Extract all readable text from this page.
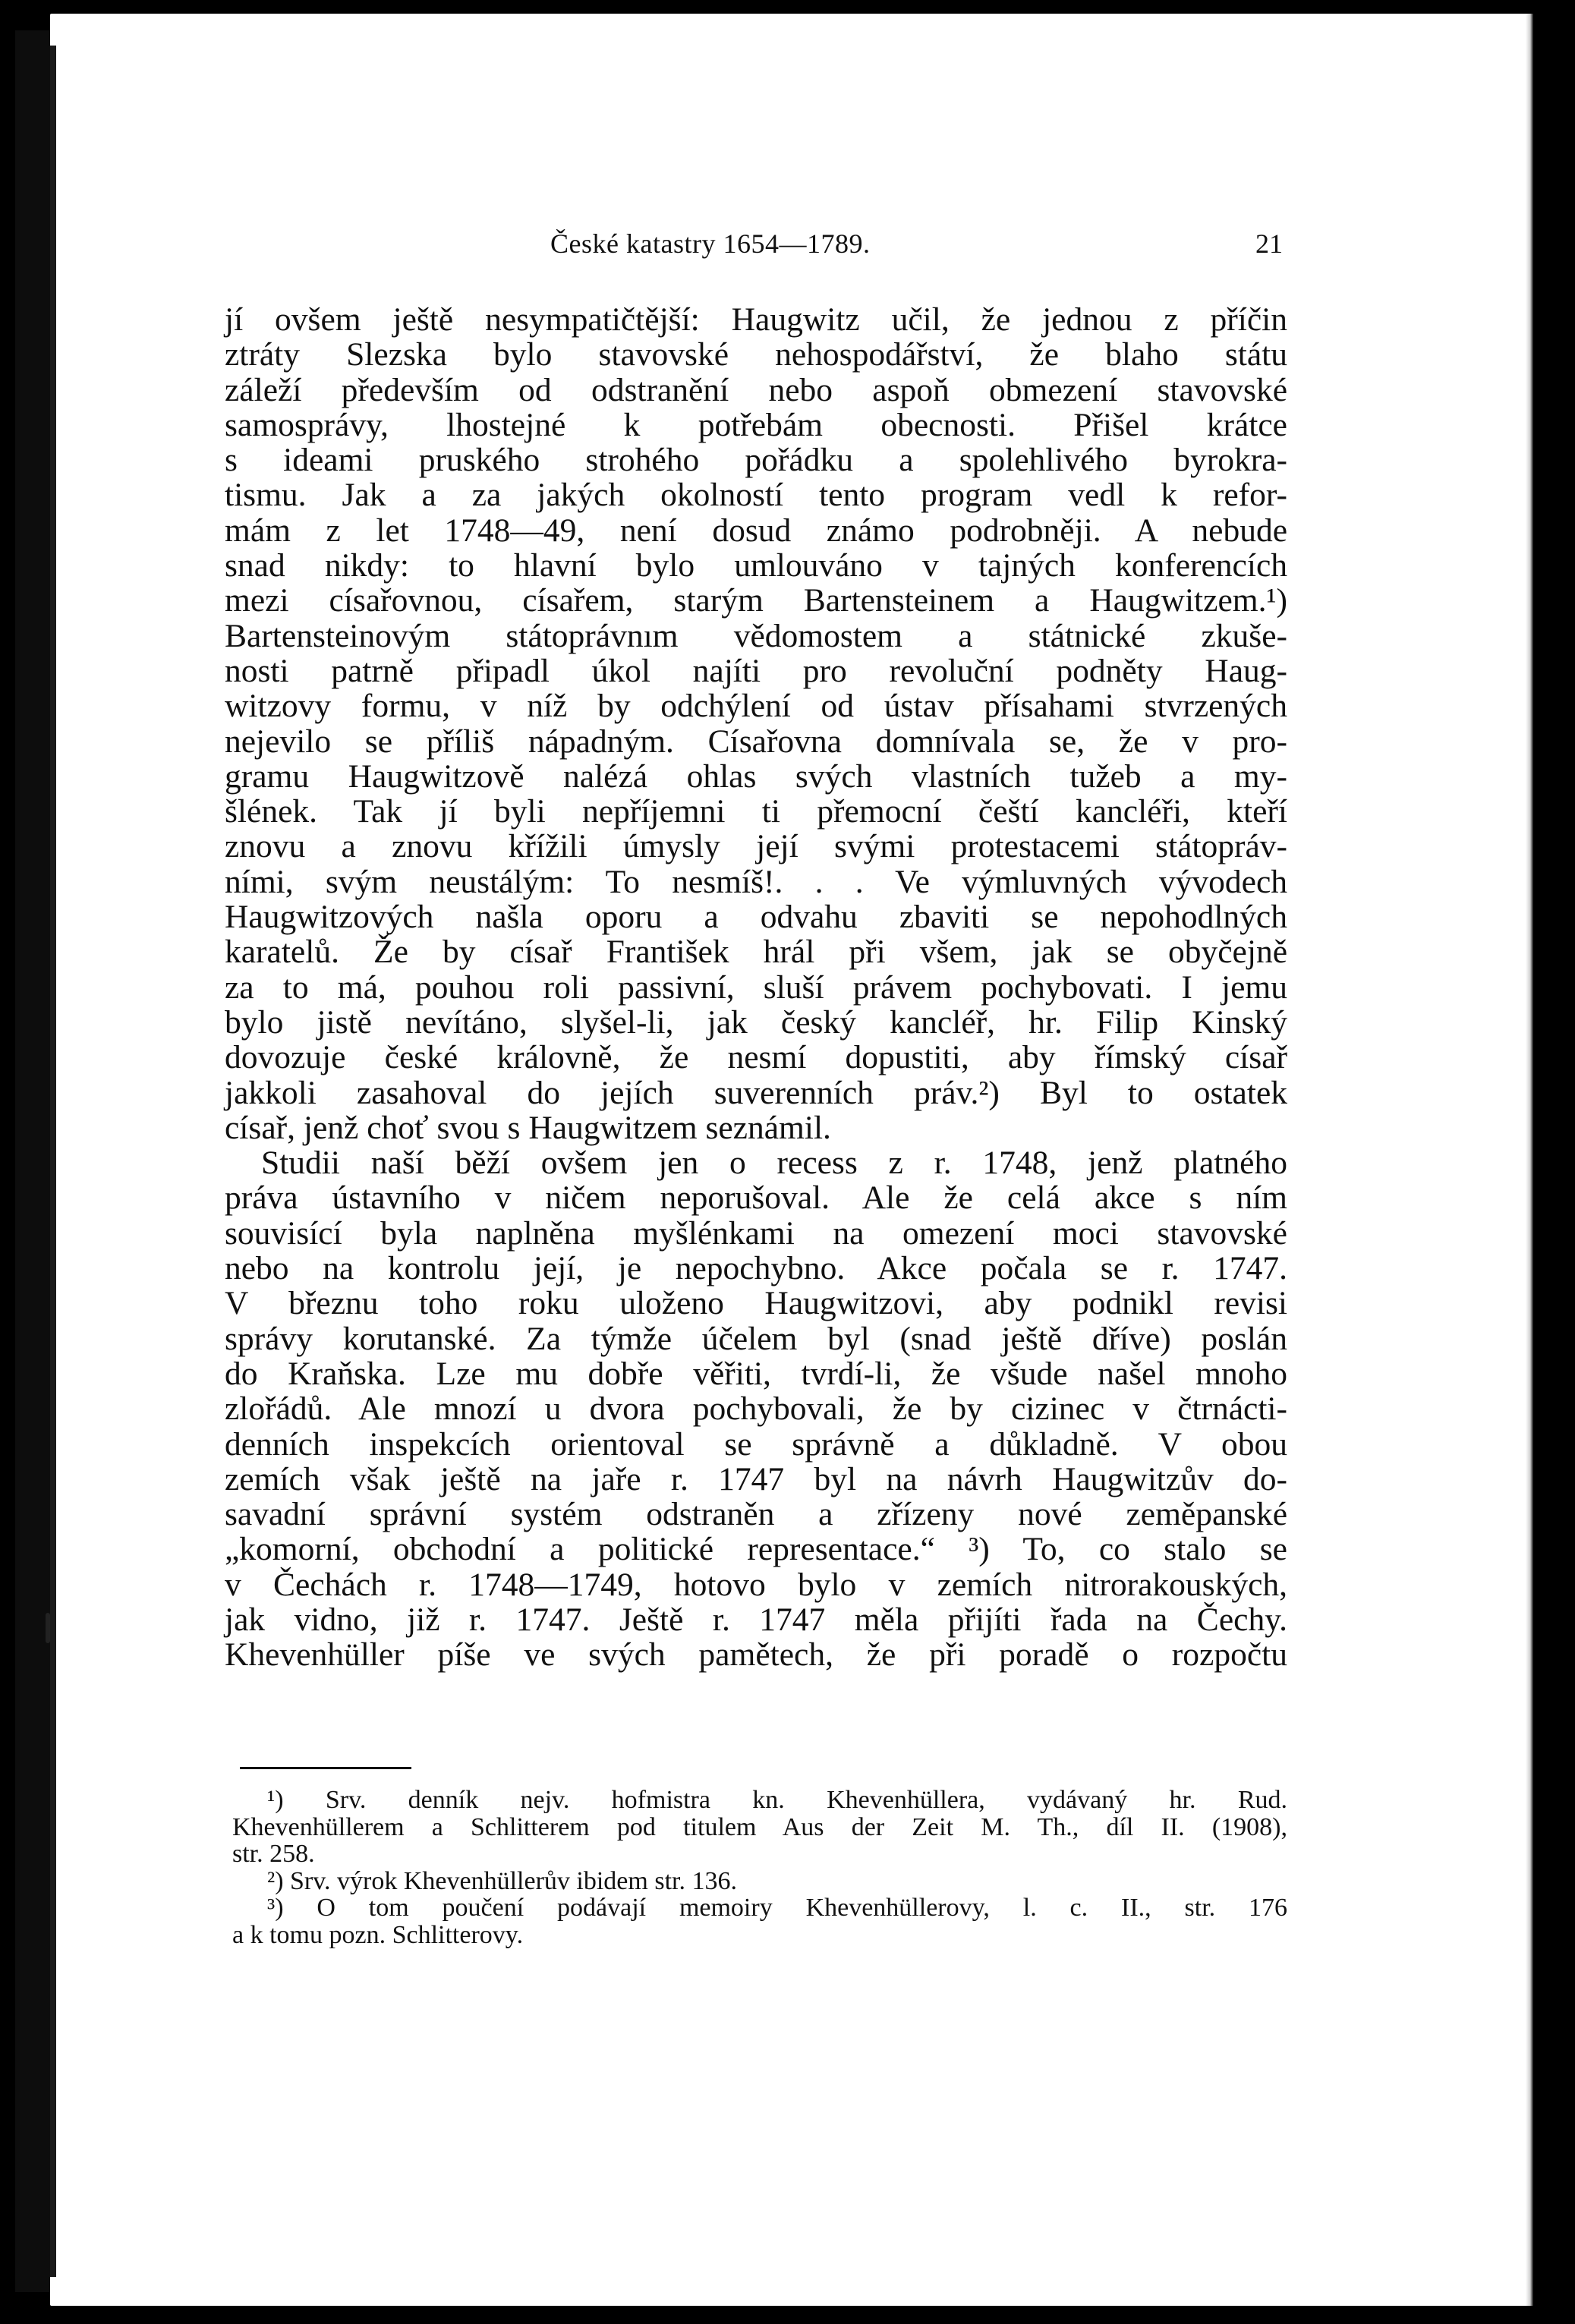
České katastry 1654—1789.	21
jí ovšem ještě nesympatičtější: Haugwitz učil, že jednou z příčin
ztráty Slezska bylo stavovské nehospodářství, že blaho státu
záleží především od odstranění nebo aspoň obmezení stavovské
samosprávy, lhostejné k potřebám obecnosti. Přišel krátce
s ideami pruského strohého pořádku a spolehlivého byrokra-
tismu. Jak a za jakých okolností tento program vedl k refor-
mám z let 1748—49, není dosud známo podrobněji. A nebude
snad nikdy: to hlavní bylo umlouváno v tajných konferencích
mezi císařovnou, císařem, starým Bartensteinem a Haugwitzem.¹)
Bartensteinovým státoprávnım vědomostem a státnické zkuše-
nosti patrně připadl úkol najíti pro revoluční podněty Haug-
witzovy formu, v níž by odchýlení od ústav přísahami stvrzených
nejevilo se příliš nápadným. Císařovna domnívala se, že v pro-
gramu Haugwitzově nalézá ohlas svých vlastních tužeb a my-
šlének. Tak jí byli nepříjemni ti přemocní čeští kancléři, kteří
znovu a znovu křížili úmysly její svými protestacemi státopráv-
ními, svým neustálým: To nesmíš!. . . Ve výmluvných vývodech
Haugwitzových našla oporu a odvahu zbaviti se nepohodlných
karatelů. Že by císař František hrál při všem, jak se obyčejně
za to má, pouhou roli passivní, sluší právem pochybovati. I jemu
bylo jistě nevítáno, slyšel-li, jak český kancléř, hr. Filip Kinský
dovozuje české královně, že nesmí dopustiti, aby římský císař
jakkoli zasahoval do jejích suverenních práv.²) Byl to ostatek
císař, jenž choť svou s Haugwitzem seznámil.
Studii naší běží ovšem jen o recess z r. 1748, jenž platného
práva ústavního v ničem neporušoval. Ale že celá akce s ním
souvisící byla naplněna myšlénkami na omezení moci stavovské
nebo na kontrolu její, je nepochybno. Akce počala se r. 1747.
V březnu toho roku uloženo Haugwitzovi, aby podnikl revisi
správy korutanské. Za týmže účelem byl (snad ještě dříve) poslán
do Kraňska. Lze mu dobře věřiti, tvrdí-li, že všude našel mnoho
zlořádů. Ale mnozí u dvora pochybovali, že by cizinec v čtrnácti-
denních inspekcích orientoval se správně a důkladně. V obou
zemích však ještě na jaře r. 1747 byl na návrh Haugwitzův do-
savadní správní systém odstraněn a zřízeny nové zeměpanské
„komorní, obchodní a politické representace.“ ³) To, co stalo se
v Čechách r. 1748—1749, hotovo bylo v zemích nitrorakouských,
jak vidno, již r. 1747. Ještě r. 1747 měla přijíti řada na Čechy.
Khevenhüller píše ve svých pamětech, že při poradě o rozpočtu
¹) Srv. denník nejv. hofmistra kn. Khevenhüllera, vydávaný hr. Rud.
Khevenhüllerem a Schlitterem pod titulem Aus der Zeit M. Th., díl II. (1908),
str. 258.
²) Srv. výrok Khevenhüllerův ibidem str. 136.
³) O tom poučení podávají memoiry Khevenhüllerovy, l. c. II., str. 176
a k tomu pozn. Schlitterovy.
